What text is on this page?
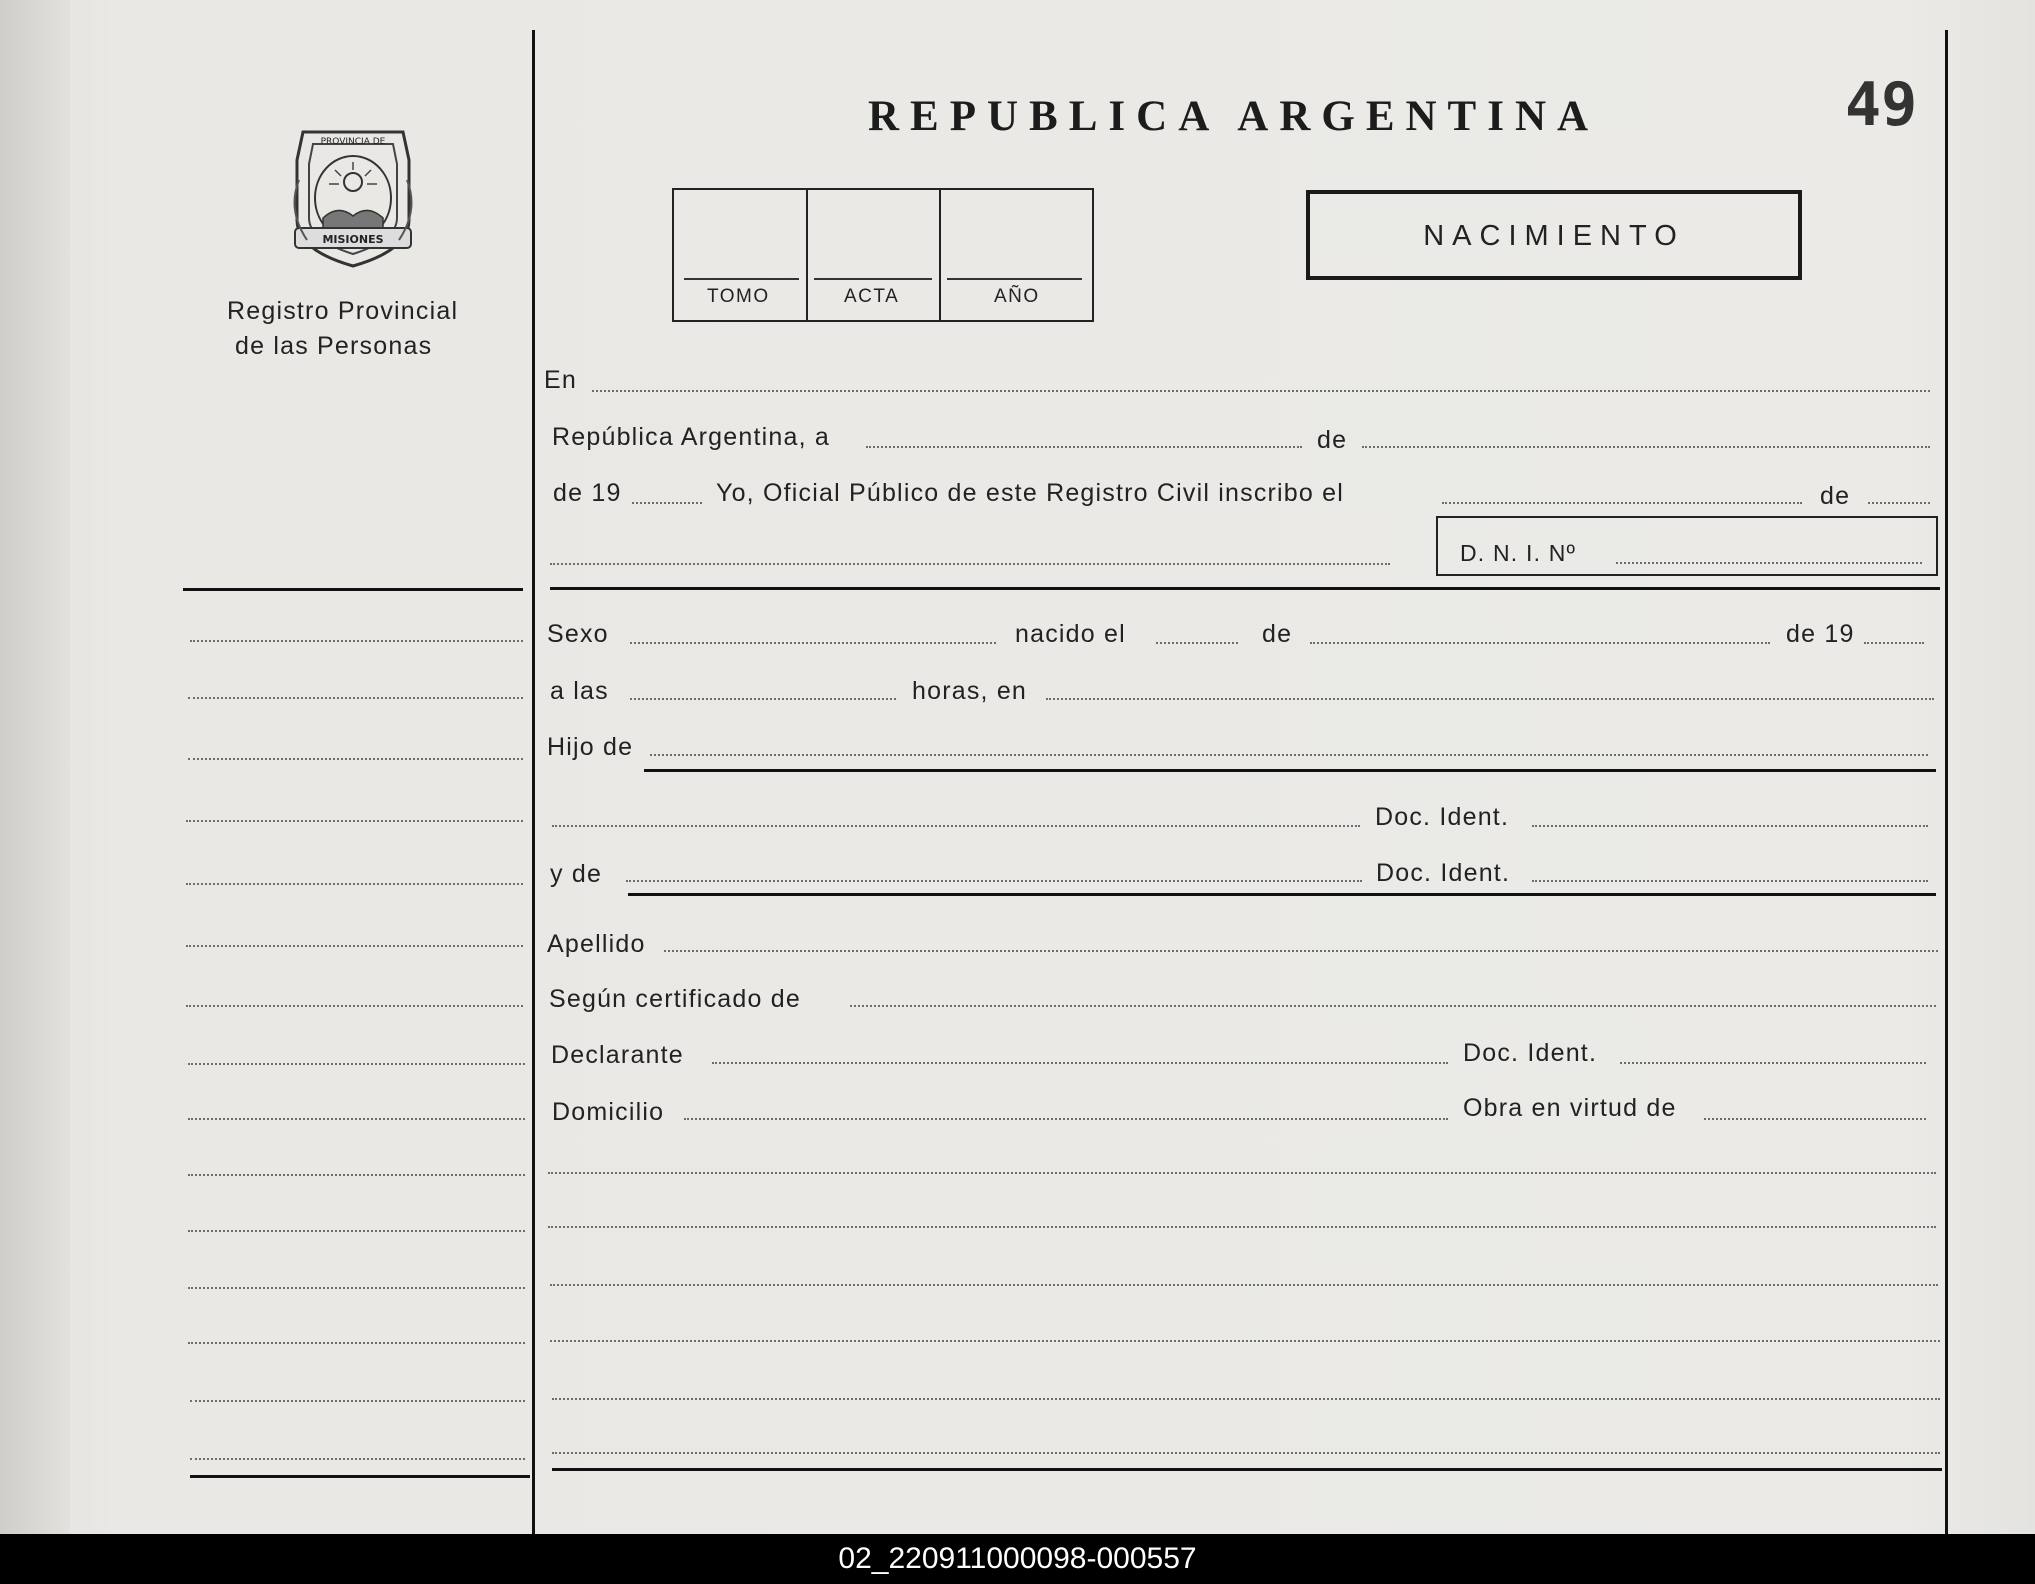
MISIONES
PROVINCIA DE
Registro Provincial
de las Personas
REPUBLICA ARGENTINA	49
TOMO	ACTA	AÑO
NACIMIENTO
En
República Argentina, a	de
de 19	Yo, Oficial Público de este Registro Civil inscribo el	de
D. N. I. Nº
Sexo	nacido el	de	de 19
a las	horas, en
Hijo de
Doc. Ident.
y de	Doc. Ident.
Apellido
Según certificado de
Declarante	Doc. Ident.
Domicilio	Obra en virtud de
02_220911000098-000557
